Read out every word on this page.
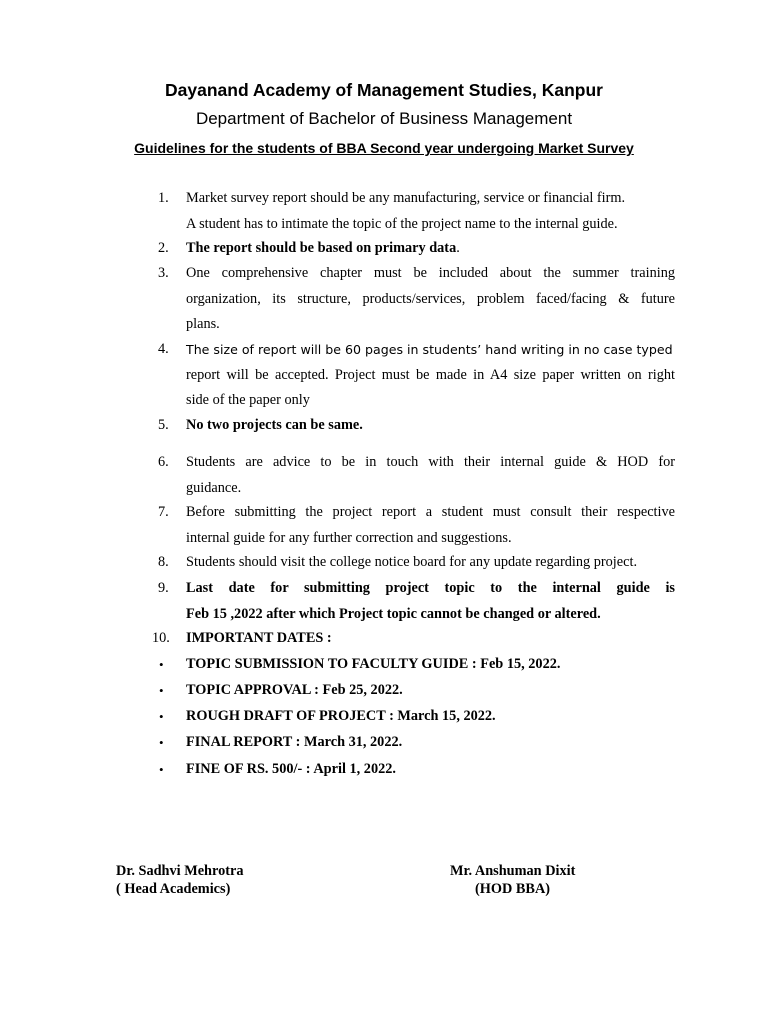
Dayanand Academy of Management Studies, Kanpur
Department of Bachelor of Business Management
Guidelines for the students of BBA Second year undergoing Market Survey
1.	Market survey report should be any manufacturing, service or financial firm.
A student has to intimate the topic of the project name to the internal guide.
2.	The report should be based on primary data.
3.	One comprehensive chapter must be included about the summer training
organization, its structure, products/services, problem faced/facing & future
plans.
4.	The size of report will be 60 pages in students’ hand writing in no case typed
report will be accepted. Project must be made in A4 size paper written on right
side of the paper only
5.	No two projects can be same.
6.	Students are advice to be in touch with their internal guide & HOD for
guidance.
7.	Before submitting the project report a student must consult their respective
internal guide for any further correction and suggestions.
8.	Students should visit the college notice board for any update regarding project.
9.	Last date for submitting project topic to the internal guide is
Feb 15 ,2022 after which Project topic cannot be changed or altered.
10.	IMPORTANT DATES :
•	TOPIC SUBMISSION TO FACULTY GUIDE : Feb 15, 2022.
•	TOPIC APPROVAL : Feb 25, 2022.
•	ROUGH DRAFT OF PROJECT : March 15, 2022.
•	FINAL REPORT : March 31, 2022.
•	FINE OF RS. 500/- : April 1, 2022.
Dr. Sadhvi Mehrotra
( Head Academics)
Mr. Anshuman Dixit
(HOD BBA)
